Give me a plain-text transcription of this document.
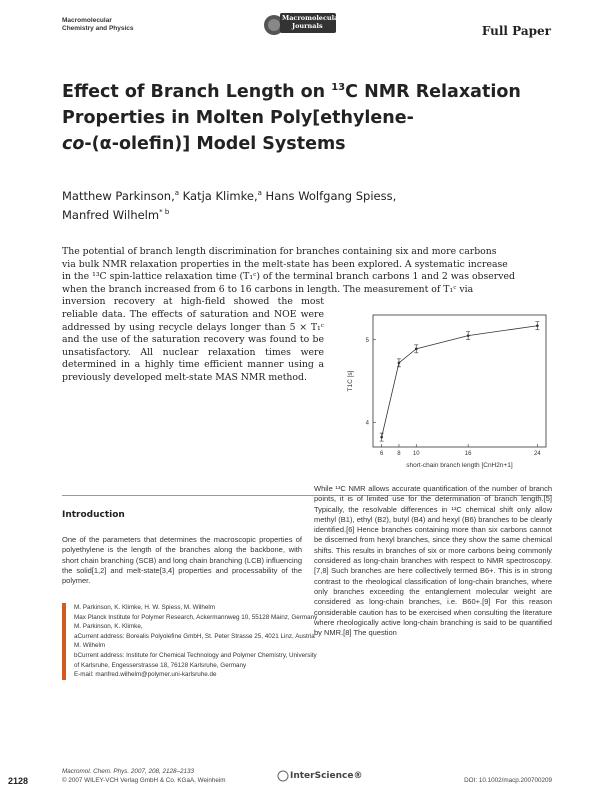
Macromolecular
Chemistry and Physics
Macromolecular
Journals	Full Paper
Effect of Branch Length on $^{13}$C NMR Relaxation
Properties in Molten Poly[ethylene-
co-(α-olefin)] Model Systems
Matthew Parkinson,$^a$ Katja Klimke,$^a$ Hans Wolfgang Spiess,
Manfred Wilhelm$^{* b}$
The potential of branch length discrimination for branches containing six and more carbons
via bulk NMR relaxation properties in the melt-state has been explored. A systematic increase
in the ¹³C spin-lattice relaxation time (T₁ᶜ) of the terminal branch carbons 1 and 2 was observed
when the branch increased from 6 to 16 carbons in length. The measurement of T₁ᶜ via
inversion recovery at high-field showed the most reliable data. The effects of saturation and NOE were addressed by using recycle delays longer than 5 × T₁ᶜ and the use of the saturation recovery was found to be unsatisfactory. All nuclear relaxation times were determined in a highly time efficient manner using a previously developed melt-state MAS NMR method.
6 8 10	16	24
4
5
short-chain branch length [CnH2n+1]
T1C [s]
Introduction
One of the parameters that determines the macroscopic properties of polyethylene is the length of the branches along the backbone, with short chain branching (SCB) and long chain branching (LCB) influencing the solid[1,2] and melt-state[3,4] properties and processability of the polymer.
M. Parkinson, K. Klimke, H. W. Spiess, M. Wilhelm
Max Planck Institute for Polymer Research, Ackermannweg 10, 55128 Mainz, Germany
M. Parkinson, K. Klimke,
aCurrent address: Borealis Polyolefine GmbH, St. Peter Strasse 25, 4021 Linz, Austria
M. Wilhelm
bCurrent address: Institute for Chemical Technology and Polymer Chemistry, University of Karlsruhe, Engesserstrasse 18, 76128 Karlsruhe, Germany
E-mail: manfred.wilhelm@polymer.uni-karlsruhe.de
While ¹³C NMR allows accurate quantification of the number of branch points, it is of limited use for the determination of branch length.[5] Typically, the resolvable differences in ¹³C chemical shift only allow methyl (B1), ethyl (B2), butyl (B4) and hexyl (B6) branches to be clearly identified.[6] Hence branches containing more than six carbons cannot be discerned from hexyl branches, since they show the same chemical shifts. This results in branches of six or more carbons being commonly considered as long-chain branches with respect to NMR spectroscopy.[7,8] Such branches are here collectively termed B6+. This is in strong contrast to the rheological classification of long-chain branches, where only branches exceeding the entanglement molecular weight are considered as long-chain branches, i.e. B60+.[9] For this reason considerable caution has to be exercised when consulting the literature where rheologically active long-chain branching is said to be quantified by NMR.[8] The question
2128
Macromol. Chem. Phys. 2007, 208, 2128–2133
© 2007 WILEY-VCH Verlag GmbH & Co. KGaA, Weinheim	InterScience®	DOI: 10.1002/macp.200700209
